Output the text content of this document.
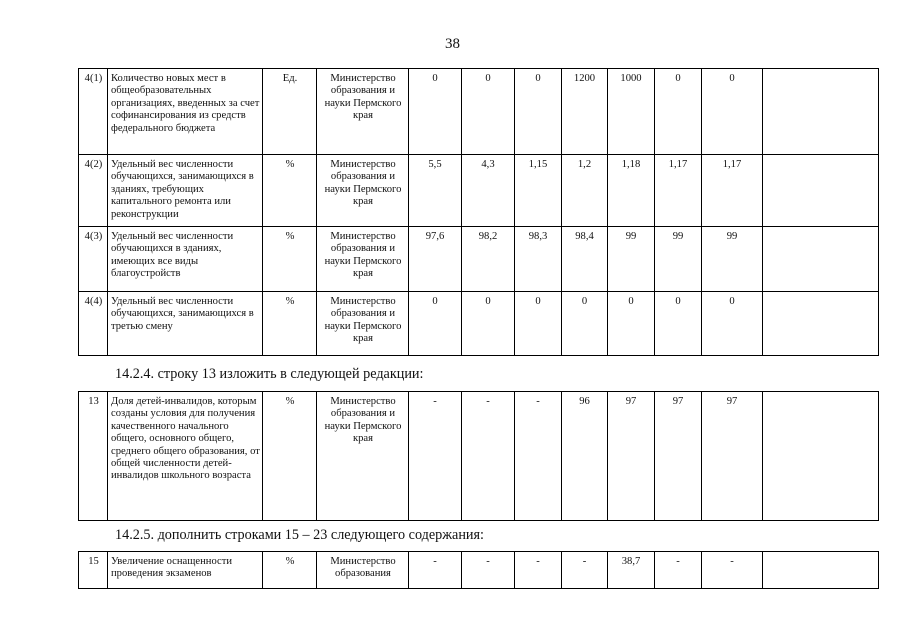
38
4(1)	Количество новых мест в общеобразовательных организациях, введенных за счет софинансирования из средств федерального бюджета	Ед.	Министерство образования и науки Пермского края	0	0	0	1200	1000	0	0	
4(2)	Удельный вес численности обучающихся, занимающихся в зданиях, требующих капитального ремонта или реконструкции	%	Министерство образования и науки Пермского края	5,5	4,3	1,15	1,2	1,18	1,17	1,17	
4(3)	Удельный вес численности обучающихся в зданиях, имеющих все виды благоустройств	%	Министерство образования и науки Пермского края	97,6	98,2	98,3	98,4	99	99	99	
4(4)	Удельный вес численности обучающихся, занимающихся в третью смену	%	Министерство образования и науки Пермского края	0	0	0	0	0	0	0	
14.2.4. строку 13 изложить в следующей редакции:
13	Доля детей-инвалидов, которым созданы условия для получения качественного начального общего, основного общего, среднего общего образования, от общей численности детей-инвалидов школьного возраста	%	Министерство образования и науки Пермского края	-	-	-	96	97	97	97	
14.2.5. дополнить строками 15 – 23 следующего содержания:
15	Увеличение оснащенности проведения экзаменов	%	Министерство образования	-	-	-	-	38,7	-	-	
